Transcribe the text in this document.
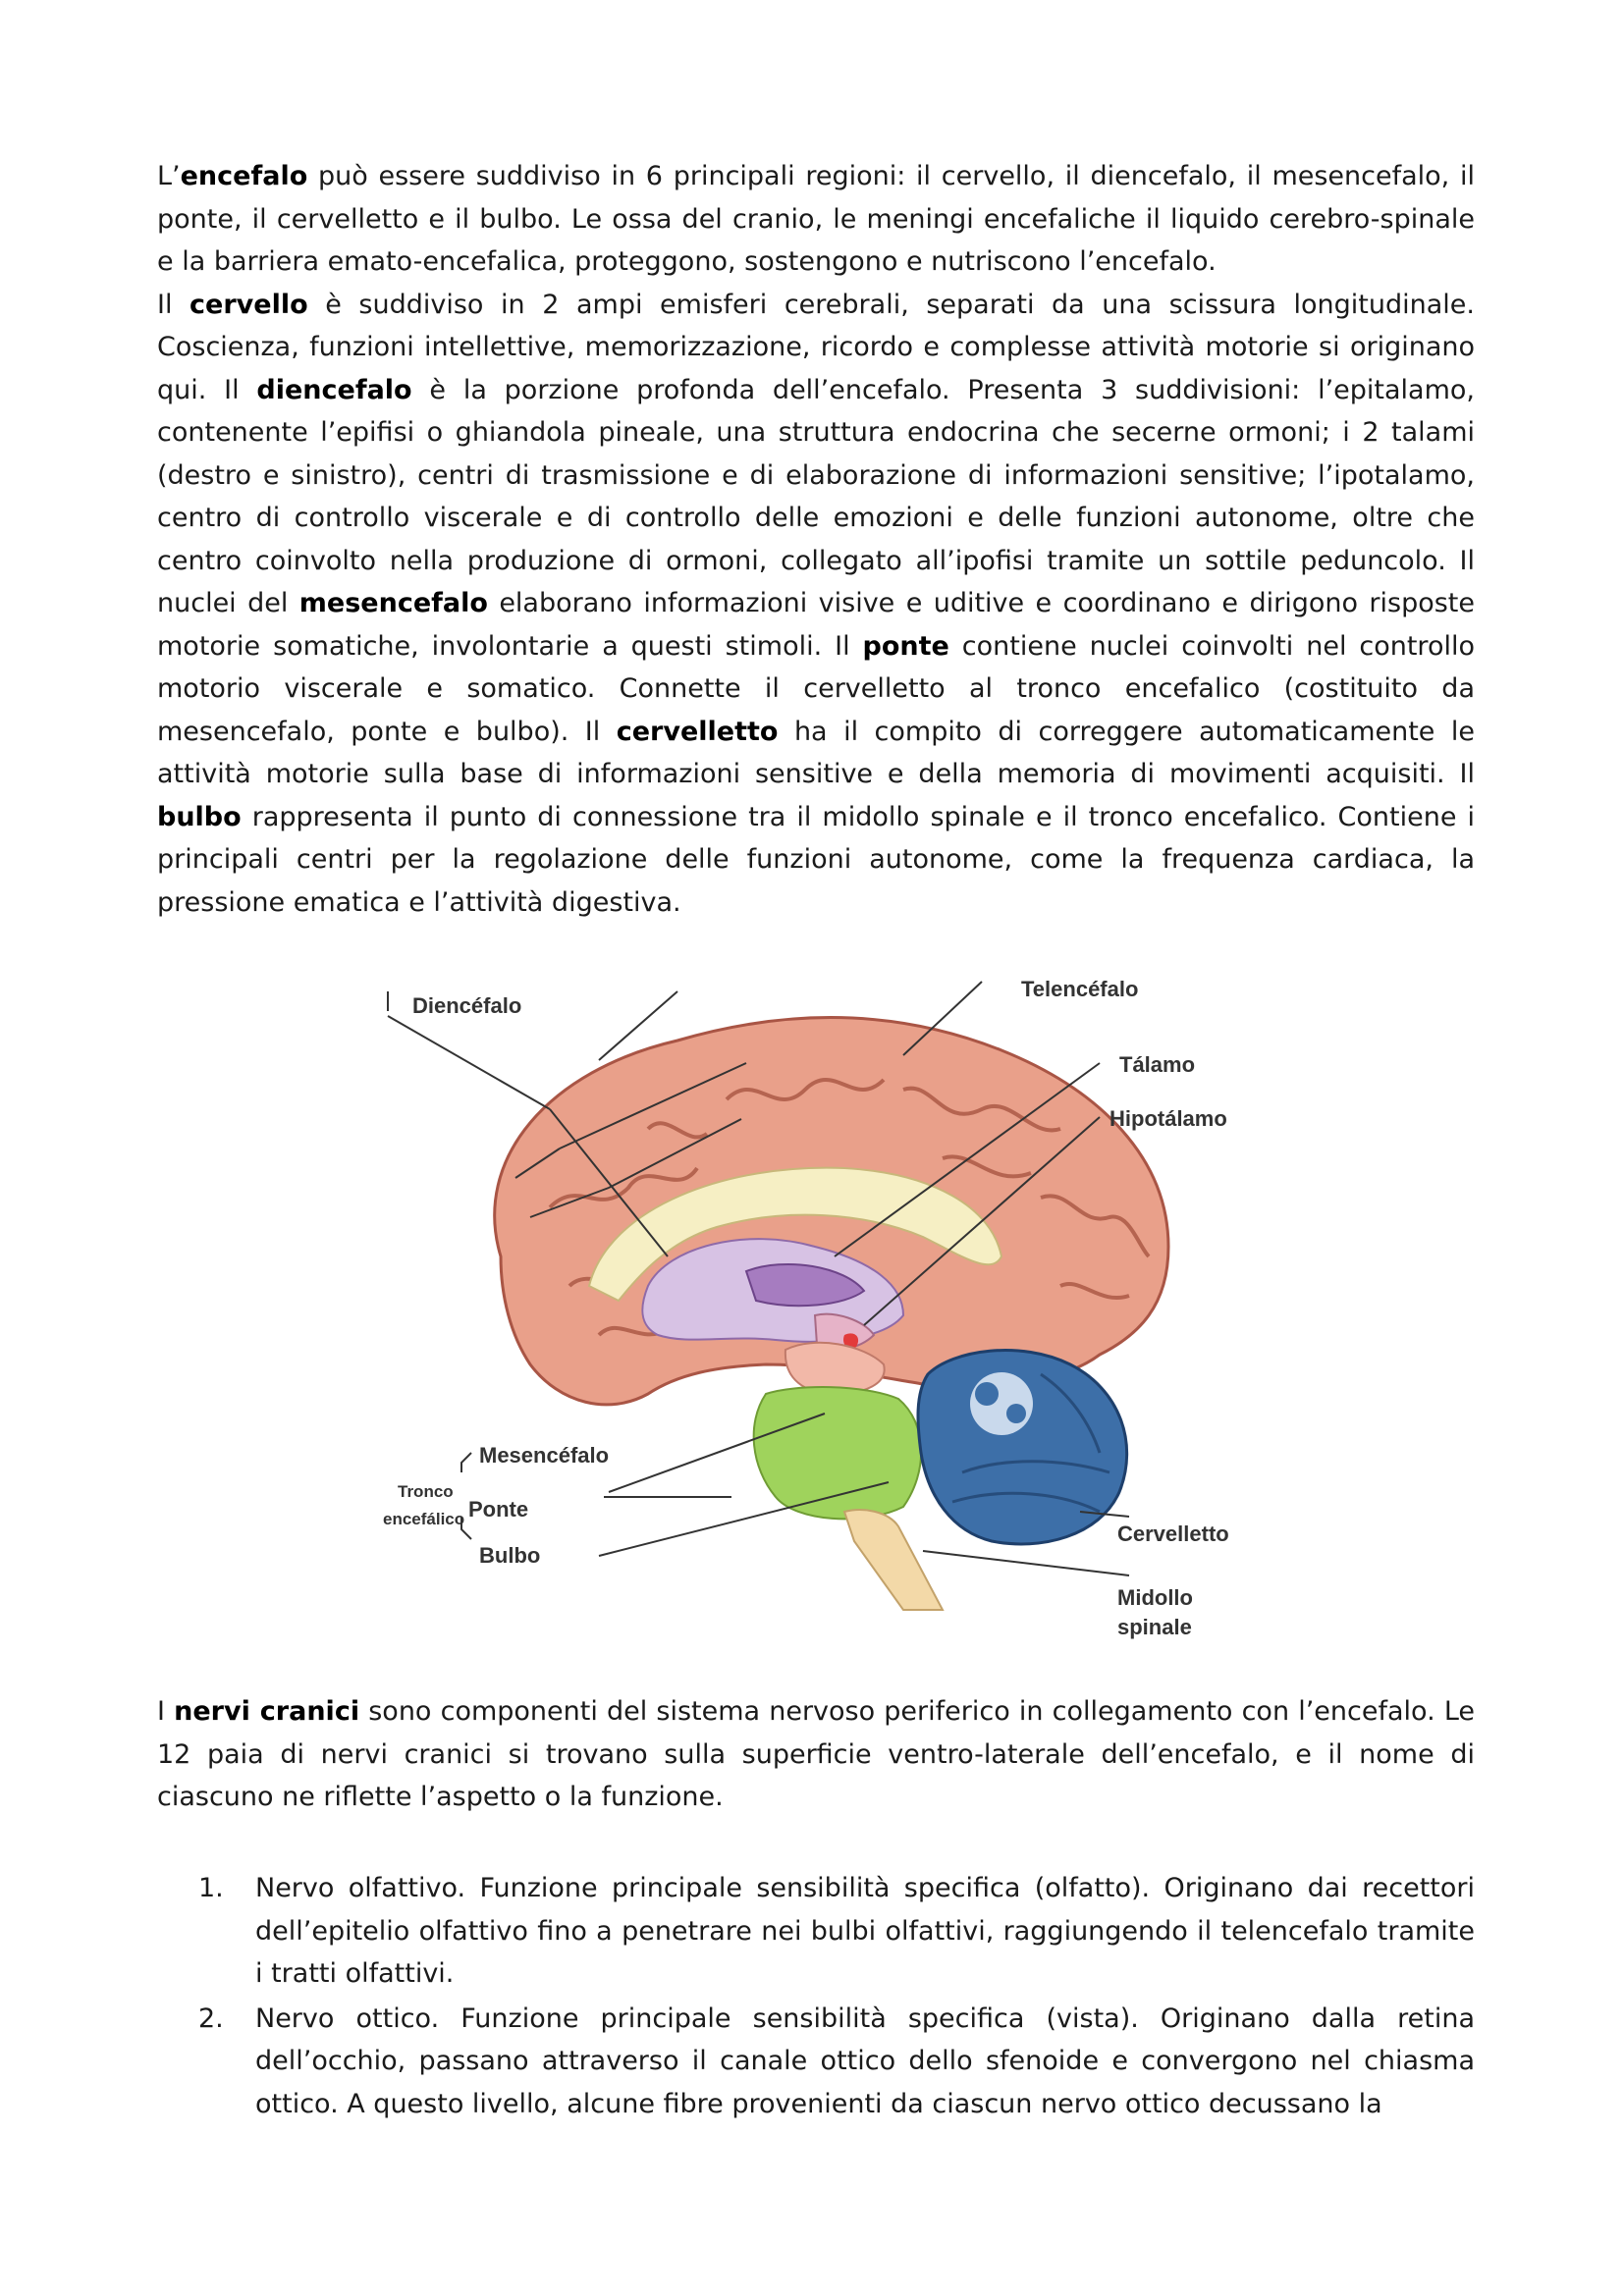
L’encefalo può essere suddiviso in 6 principali regioni: il cervello, il diencefalo, il mesencefalo, il ponte, il cervelletto e il bulbo. Le ossa del cranio, le meningi encefaliche il liquido cerebro-spinale e la barriera emato-encefalica, proteggono, sostengono e nutriscono l’encefalo.
Il cervello è suddiviso in 2 ampi emisferi cerebrali, separati da una scissura longitudinale. Coscienza, funzioni intellettive, memorizzazione, ricordo e complesse attività motorie si originano qui. Il diencefalo è la porzione profonda dell’encefalo. Presenta 3 suddivisioni: l’epitalamo, contenente l’epifisi o ghiandola pineale, una struttura endocrina che secerne ormoni; i 2 talami (destro e sinistro), centri di trasmissione e di elaborazione di informazioni sensitive; l’ipotalamo, centro di controllo viscerale e di controllo delle emozioni e delle funzioni autonome, oltre che centro coinvolto nella produzione di ormoni, collegato all’ipofisi tramite un sottile peduncolo. Il nuclei del mesencefalo elaborano informazioni visive e uditive e coordinano e dirigono risposte motorie somatiche, involontarie a questi stimoli. Il ponte contiene nuclei coinvolti nel controllo motorio viscerale e somatico. Connette il cervelletto al tronco encefalico (costituito da mesencefalo, ponte e bulbo). Il cervelletto ha il compito di correggere automaticamente le attività motorie sulla base di informazioni sensitive e della memoria di movimenti acquisiti. Il bulbo rappresenta il punto di connessione tra il midollo spinale e il tronco encefalico. Contiene i principali centri per la regolazione delle funzioni autonome, come la frequenza cardiaca, la pressione ematica e l’attività digestiva.

Diencéfalo
Telencéfalo
Tálamo
Hipotálamo
Mesencéfalo
Tronco
encefálico Ponte
Bulbo
Cervelletto
Midollo
spinale

I nervi cranici sono componenti del sistema nervoso periferico in collegamento con l’encefalo. Le 12 paia di nervi cranici si trovano sulla superficie ventro-laterale dell’encefalo, e il nome di ciascuno ne riflette l’aspetto o la funzione.

1. Nervo olfattivo. Funzione principale sensibilità specifica (olfatto). Originano dai recettori dell’epitelio olfattivo fino a penetrare nei bulbi olfattivi, raggiungendo il telencefalo tramite i tratti olfattivi.
2. Nervo ottico. Funzione principale sensibilità specifica (vista). Originano dalla retina dell’occhio, passano attraverso il canale ottico dello sfenoide e convergono nel chiasma ottico. A questo livello, alcune fibre provenienti da ciascun nervo ottico decussano la
